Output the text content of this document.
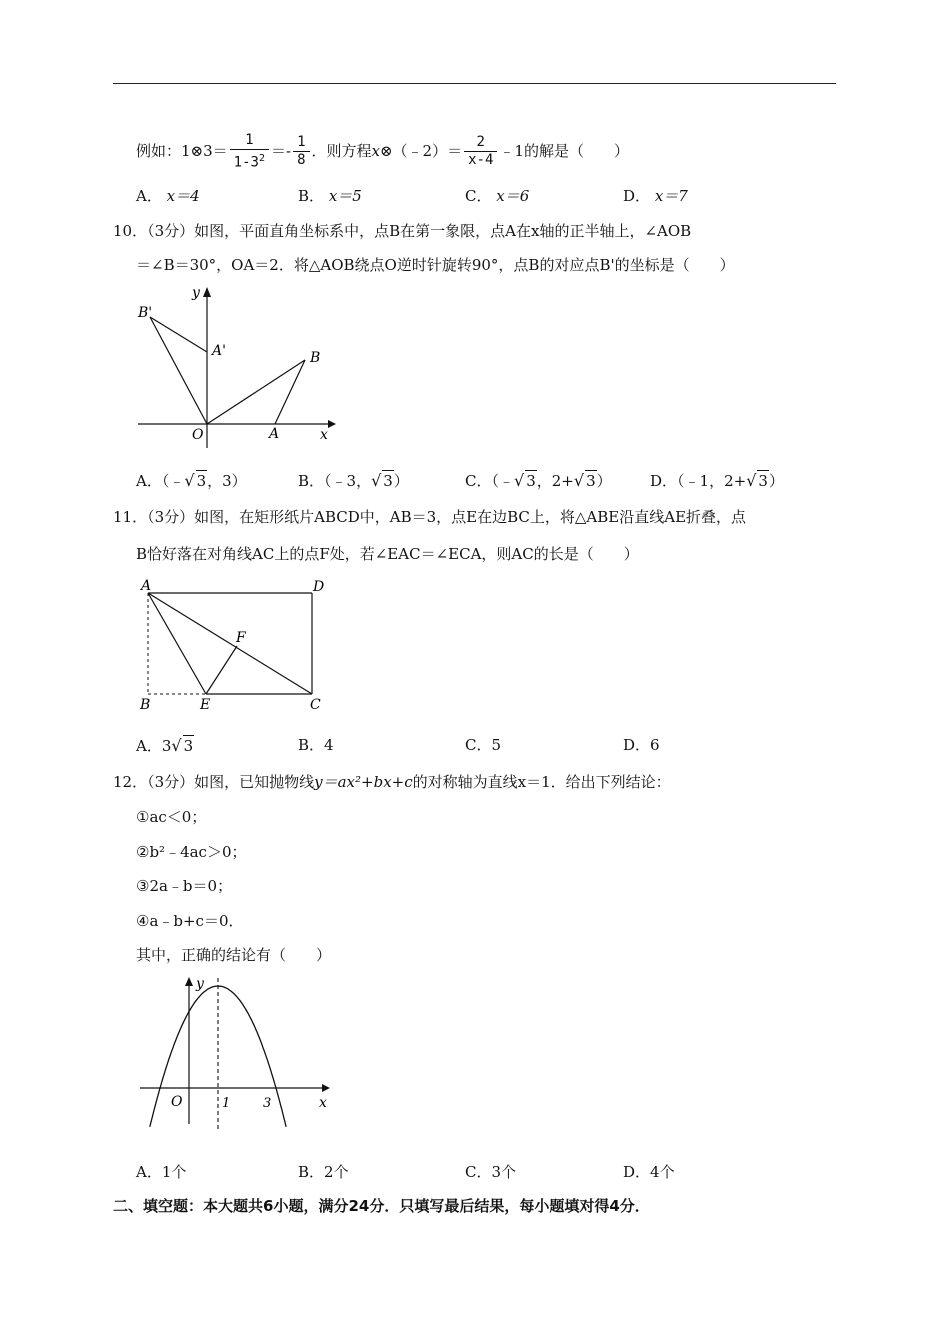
例如：1⊗3＝ $\frac{1}{1-3^2} =- \frac{1}{8}$ ．则方程x⊗（﹣2）＝ $\frac{2}{x-4}$ ﹣1的解是（　　）
A． x＝4	B． x＝5	C． x＝6	D． x＝7
10．（3分）如图，平面直角坐标系中，点B在第一象限，点A在x轴的正半轴上，∠AOB
＝∠B＝30°，OA＝2．将△AOB绕点O逆时针旋转90°，点B的对应点B'的坐标是（　　）
B'
A'	B
O	A	x
y
A．（﹣√ 3，3）	B．（﹣3，√ 3）	C．（﹣√ 3，2+√ 3）	D．（﹣1，2+√ 3）
11．（3分）如图，在矩形纸片ABCD中，AB＝3，点E在边BC上，将△ABE沿直线AE折叠，点
B恰好落在对角线AC上的点F处，若∠EAC＝∠ECA，则AC的长是（　　）
A	D
F
B	E	C
A．3√ 3	B．4	C．5	D．6
12．（3分）如图，已知抛物线y＝ax²+bx+c的对称轴为直线x＝1．给出下列结论：
①ac＜0；
②b²﹣4ac＞0；
③2a﹣b＝0；
④a﹣b+c＝0．
其中，正确的结论有（　　）
y
O	1	3	x
A．1个	B．2个	C．3个	D．4个
二、填空题：本大题共6小题，满分24分．只填写最后结果，每小题填对得4分．
